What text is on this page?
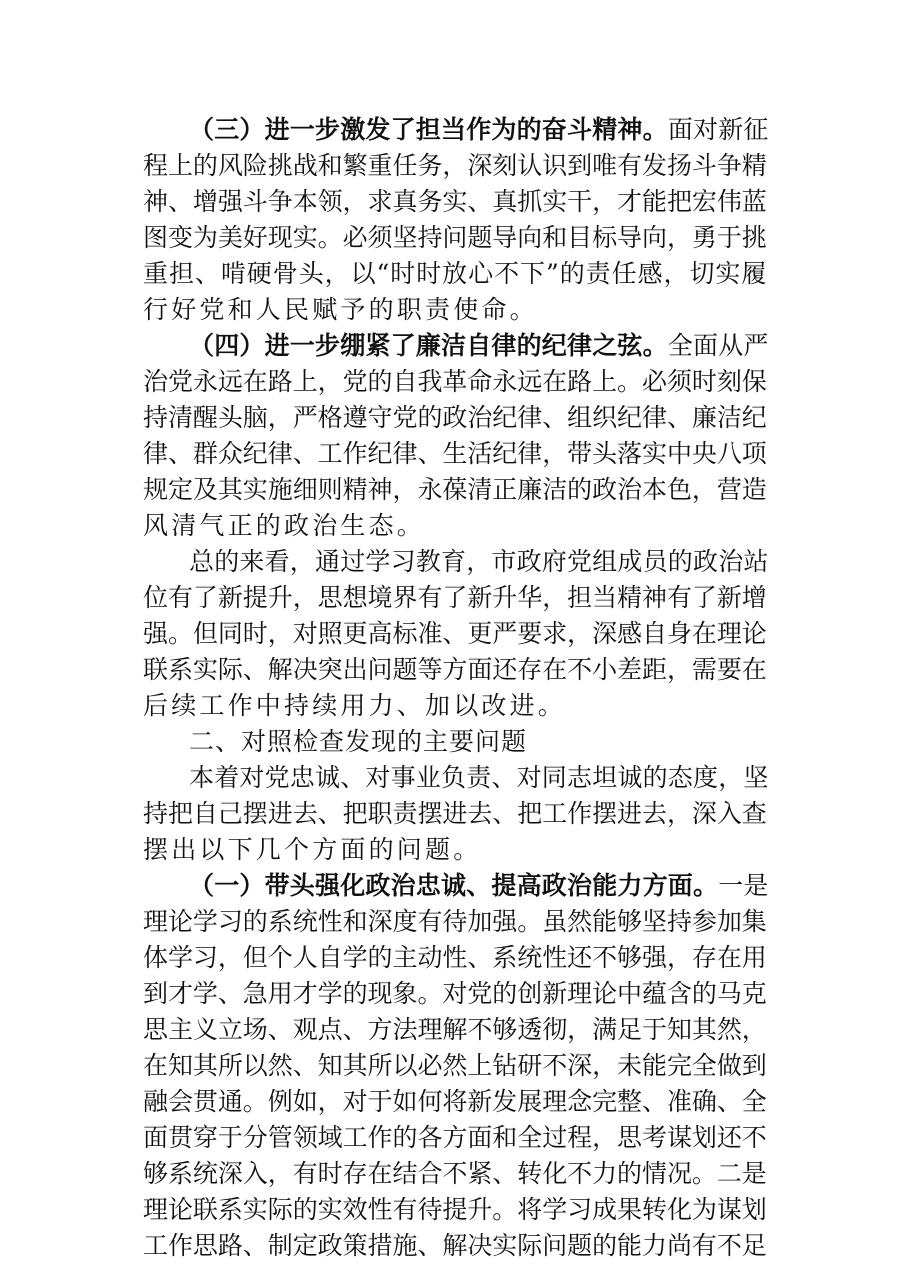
（三）进一步激发了担当作为的奋斗精神。面对新征
程上的风险挑战和繁重任务，深刻认识到唯有发扬斗争精
神、增强斗争本领，求真务实、真抓实干，才能把宏伟蓝
图变为美好现实。必须坚持问题导向和目标导向，勇于挑
重担、啃硬骨头，以“时时放心不下”的责任感，切实履
行好党和人民赋予的职责使命。
（四）进一步绷紧了廉洁自律的纪律之弦。全面从严
治党永远在路上，党的自我革命永远在路上。必须时刻保
持清醒头脑，严格遵守党的政治纪律、组织纪律、廉洁纪
律、群众纪律、工作纪律、生活纪律，带头落实中央八项
规定及其实施细则精神，永葆清正廉洁的政治本色，营造
风清气正的政治生态。
总的来看，通过学习教育，市政府党组成员的政治站
位有了新提升，思想境界有了新升华，担当精神有了新增
强。但同时，对照更高标准、更严要求，深感自身在理论
联系实际、解决突出问题等方面还存在不小差距，需要在
后续工作中持续用力、加以改进。
二、对照检查发现的主要问题
本着对党忠诚、对事业负责、对同志坦诚的态度，坚
持把自己摆进去、把职责摆进去、把工作摆进去，深入查
摆出以下几个方面的问题。
（一）带头强化政治忠诚、提高政治能力方面。一是
理论学习的系统性和深度有待加强。虽然能够坚持参加集
体学习，但个人自学的主动性、系统性还不够强，存在用
到才学、急用才学的现象。对党的创新理论中蕴含的马克
思主义立场、观点、方法理解不够透彻，满足于知其然，
在知其所以然、知其所以必然上钻研不深，未能完全做到
融会贯通。例如，对于如何将新发展理念完整、准确、全
面贯穿于分管领域工作的各方面和全过程，思考谋划还不
够系统深入，有时存在结合不紧、转化不力的情况。二是
理论联系实际的实效性有待提升。将学习成果转化为谋划
工作思路、制定政策措施、解决实际问题的能力尚有不足
